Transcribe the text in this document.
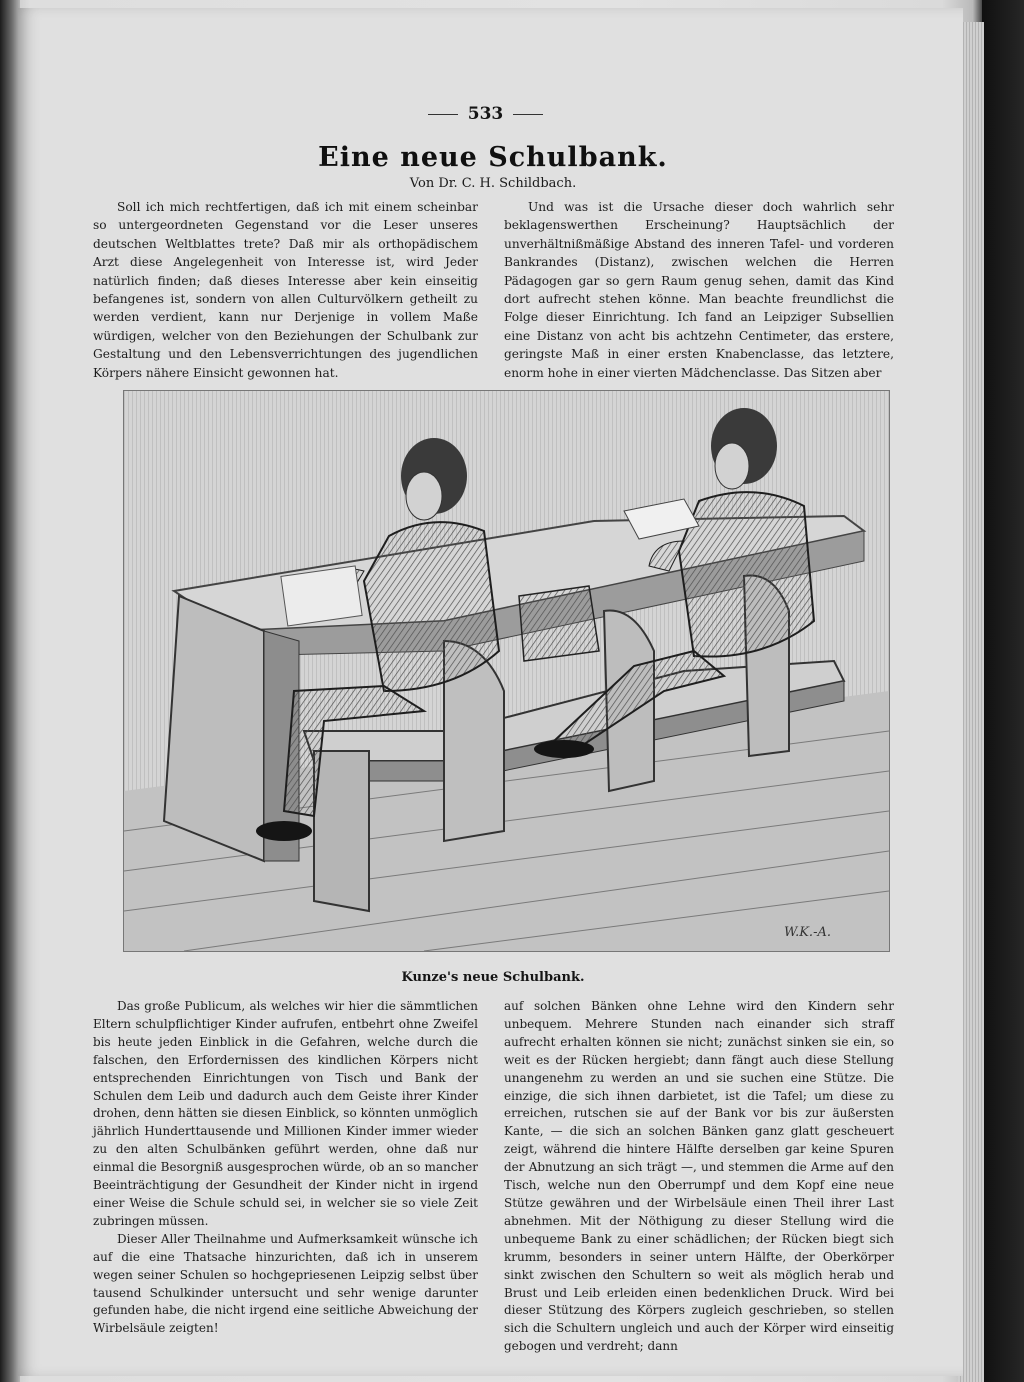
533
Eine neue Schulbank.
Von Dr. C. H. Schildbach.

Soll ich mich rechtfertigen, daß ich mit einem scheinbar so untergeordneten Gegenstand vor die Leser unseres deutschen Weltblattes trete? Daß mir als orthopädischem Arzt diese Angelegenheit von Interesse ist, wird Jeder natürlich finden; daß dieses Interesse aber kein einseitig befangenes ist, sondern von allen Culturvölkern getheilt zu werden verdient, kann nur Derjenige in vollem Maße würdigen, welcher von den Beziehungen der Schulbank zur Gestaltung und den Lebensverrichtungen des jugendlichen Körpers nähere Einsicht gewonnen hat.

Und was ist die Ursache dieser doch wahrlich sehr beklagenswerthen Erscheinung? Hauptsächlich der unverhältnißmäßige Abstand des inneren Tafel- und vorderen Bankrandes (Distanz), zwischen welchen die Herren Pädagogen gar so gern Raum genug sehen, damit das Kind dort aufrecht stehen könne. Man beachte freundlichst die Folge dieser Einrichtung. Ich fand an Leipziger Subsellien eine Distanz von acht bis achtzehn Centimeter, das erstere, geringste Maß in einer ersten Knabenclasse, das letztere, enorm hohe in einer vierten Mädchenclasse. Das Sitzen aber

W.K.-A.
Kunze's neue Schulbank.

Das große Publicum, als welches wir hier die sämmtlichen Eltern schulpflichtiger Kinder aufrufen, entbehrt ohne Zweifel bis heute jeden Einblick in die Gefahren, welche durch die falschen, den Erfordernissen des kindlichen Körpers nicht entsprechenden Einrichtungen von Tisch und Bank der Schulen dem Leib und dadurch auch dem Geiste ihrer Kinder drohen, denn hätten sie diesen Einblick, so könnten unmöglich jährlich Hunderttausende und Millionen Kinder immer wieder zu den alten Schulbänken geführt werden, ohne daß nur einmal die Besorgniß ausgesprochen würde, ob an so mancher Beeinträchtigung der Gesundheit der Kinder nicht in irgend einer Weise die Schule schuld sei, in welcher sie so viele Zeit zubringen müssen.

Dieser Aller Theilnahme und Aufmerksamkeit wünsche ich auf die eine Thatsache hinzurichten, daß ich in unserem wegen seiner Schulen so hochgepriesenen Leipzig selbst über tausend Schulkinder untersucht und sehr wenige darunter gefunden habe, die nicht irgend eine seitliche Abweichung der Wirbelsäule zeigten!

auf solchen Bänken ohne Lehne wird den Kindern sehr unbequem. Mehrere Stunden nach einander sich straff aufrecht erhalten können sie nicht; zunächst sinken sie ein, so weit es der Rücken hergiebt; dann fängt auch diese Stellung unangenehm zu werden an und sie suchen eine Stütze. Die einzige, die sich ihnen darbietet, ist die Tafel; um diese zu erreichen, rutschen sie auf der Bank vor bis zur äußersten Kante, — die sich an solchen Bänken ganz glatt gescheuert zeigt, während die hintere Hälfte derselben gar keine Spuren der Abnutzung an sich trägt —, und stemmen die Arme auf den Tisch, welche nun den Oberrumpf und dem Kopf eine neue Stütze gewähren und der Wirbelsäule einen Theil ihrer Last abnehmen. Mit der Nöthigung zu dieser Stellung wird die unbequeme Bank zu einer schädlichen; der Rücken biegt sich krumm, besonders in seiner untern Hälfte, der Oberkörper sinkt zwischen den Schultern so weit als möglich herab und Brust und Leib erleiden einen bedenklichen Druck. Wird bei dieser Stützung des Körpers zugleich geschrieben, so stellen sich die Schultern ungleich und auch der Körper wird einseitig gebogen und verdreht; dann
